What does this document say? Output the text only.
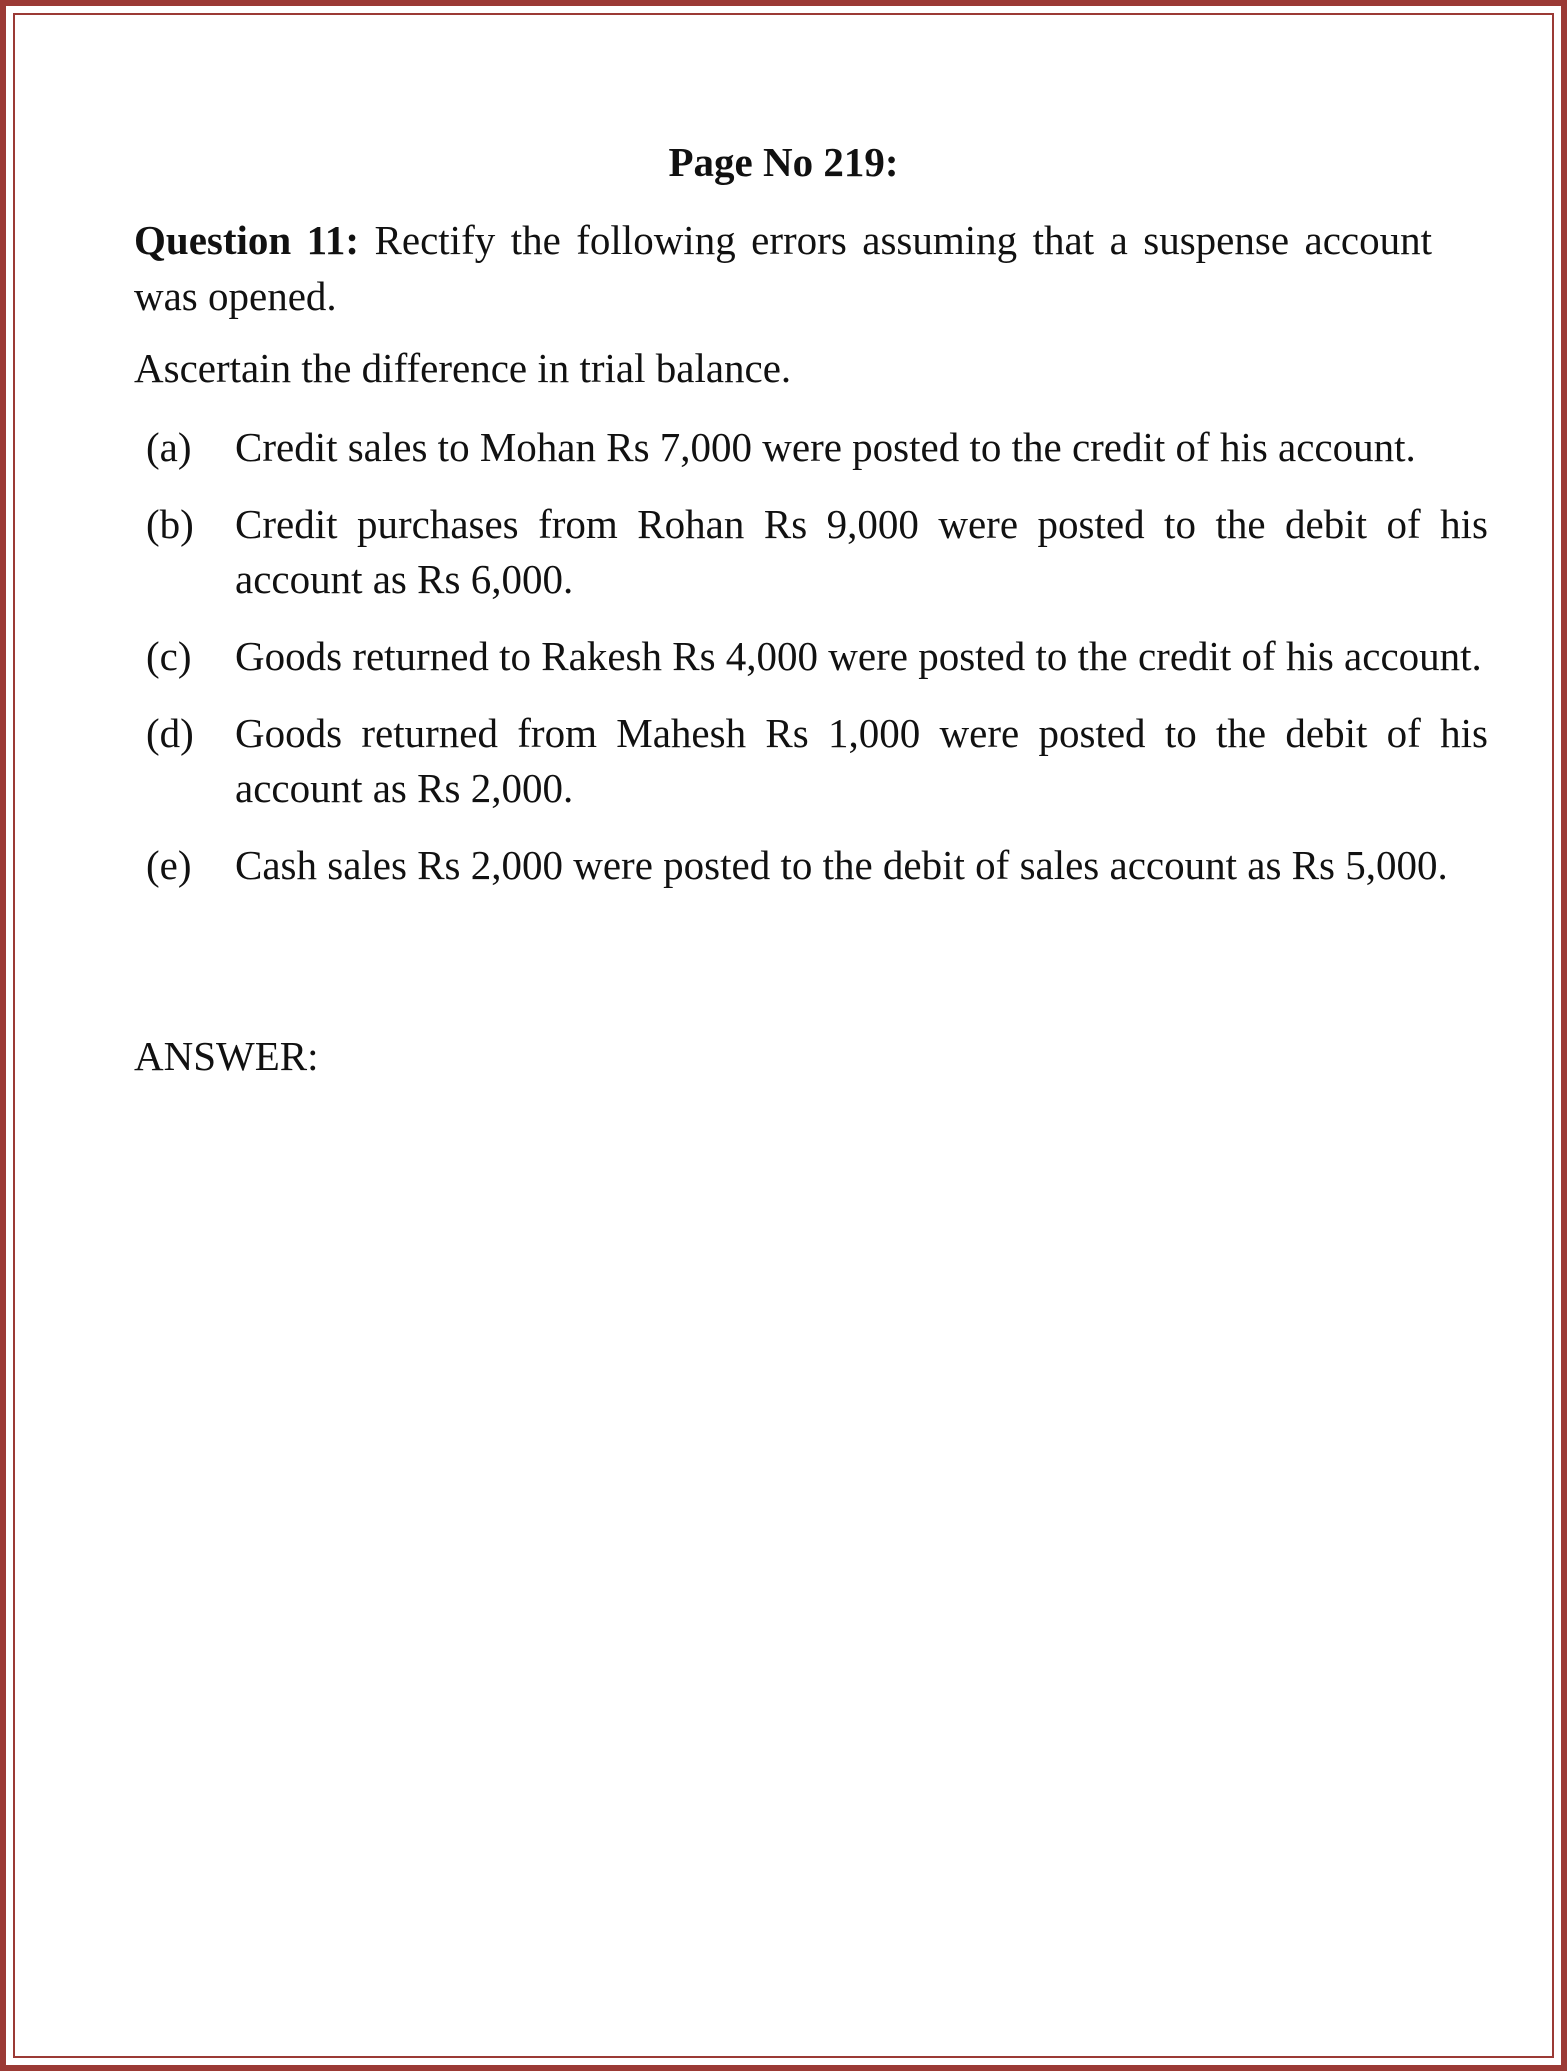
Page No 219:
Question 11: Rectify the following errors assuming that a suspense account was opened.
Ascertain the difference in trial balance.
(a) Credit sales to Mohan Rs 7,000 were posted to the credit of his account.
(b) Credit purchases from Rohan Rs 9,000 were posted to the debit of his account as Rs 6,000.
(c) Goods returned to Rakesh Rs 4,000 were posted to the credit of his account.
(d) Goods returned from Mahesh Rs 1,000 were posted to the debit of his account as Rs 2,000.
(e) Cash sales Rs 2,000 were posted to the debit of sales account as Rs 5,000.
ANSWER:
